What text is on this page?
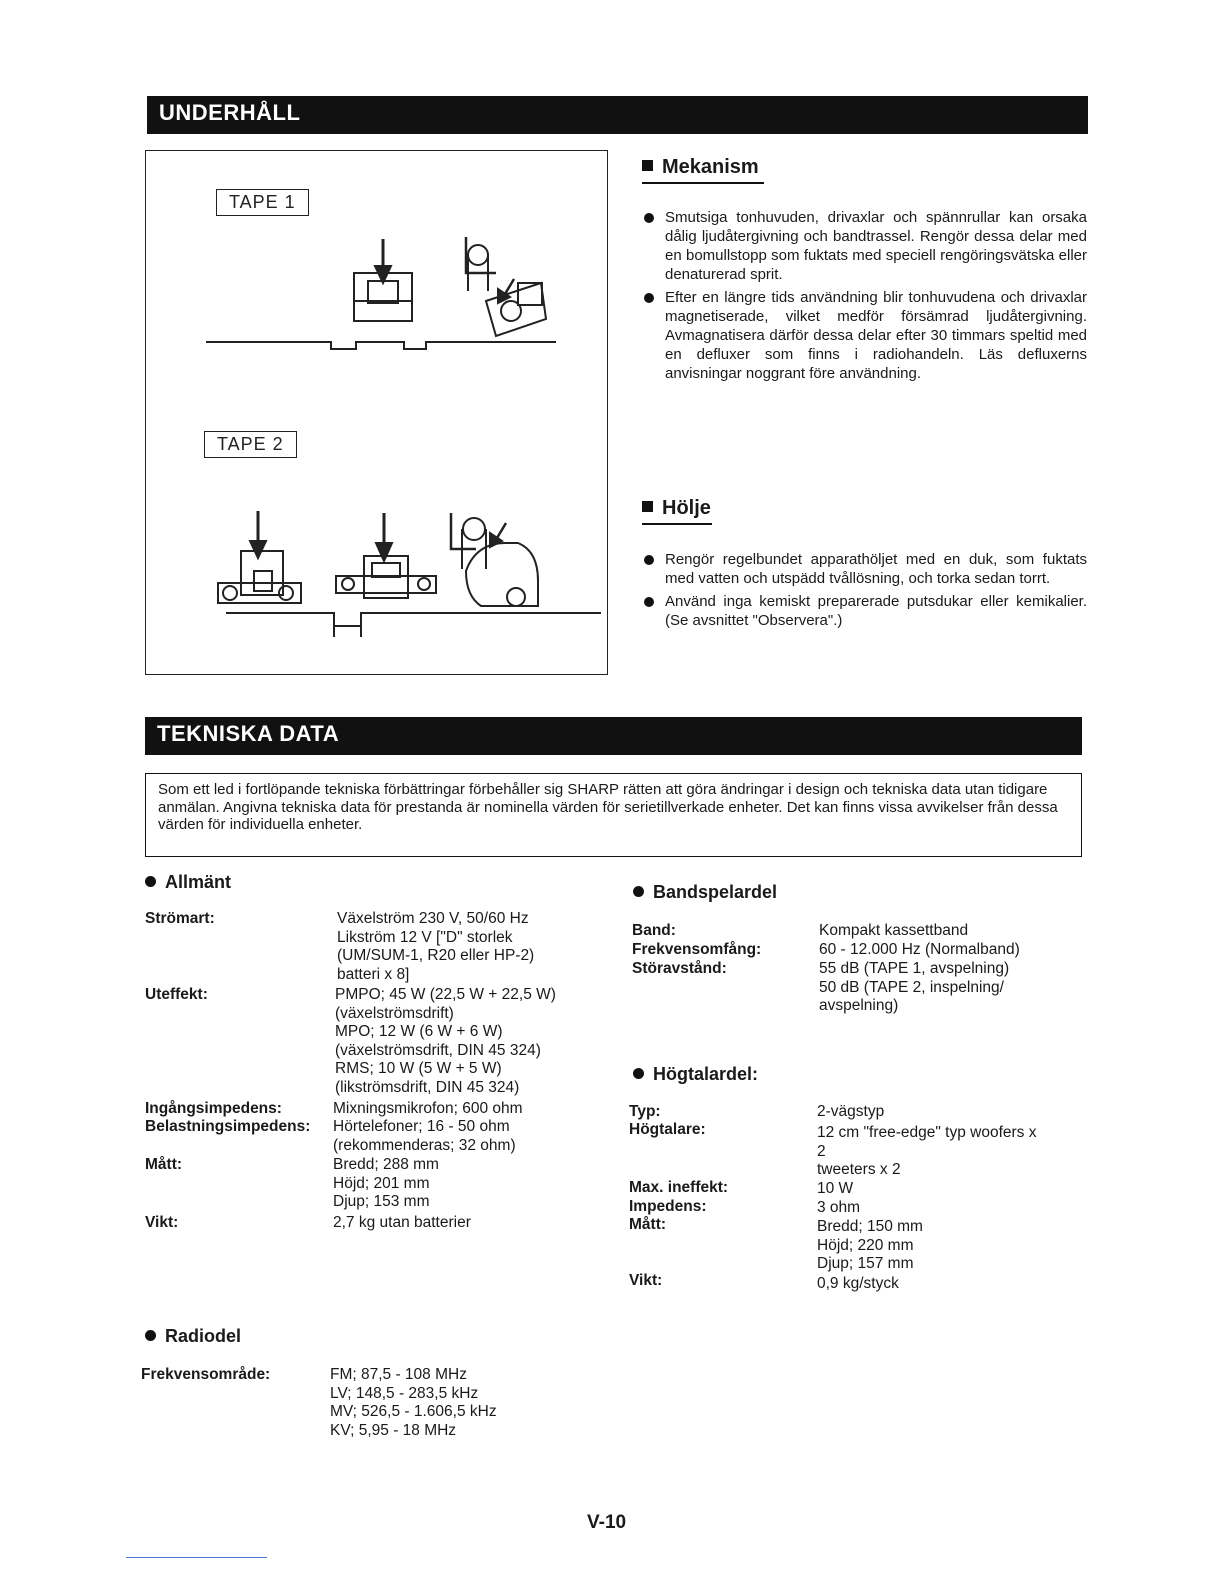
UNDERHÅLL
TAPE 1
TAPE 2
Mekanism
Smutsiga tonhuvuden, drivaxlar och spännrullar kan orsaka dålig ljudåtergivning och bandtrassel. Rengör dessa delar med en bomullstopp som fuktats med speciell rengöringsvätska eller denaturerad sprit.
Efter en längre tids användning blir tonhuvudena och drivaxlar magnetiserade, vilket medför försämrad ljudåtergivning. Avmagnatisera därför dessa delar efter 30 timmars speltid med en defluxer som finns i radiohandeln. Läs defluxerns anvisningar noggrant före användning.
Hölje
Rengör regelbundet apparathöljet med en duk, som fuktats med vatten och utspädd tvållösning, och torka sedan torrt.
Använd inga kemiskt preparerade putsdukar eller kemikalier. (Se avsnittet "Observera".)
TEKNISKA DATA
Som ett led i fortlöpande tekniska förbättringar förbehåller sig SHARP rätten att göra ändringar i design och tekniska data utan tidigare anmälan. Angivna tekniska data för prestanda är nominella värden för serietillverkade enheter. Det kan finns vissa avvikelser från dessa värden för individuella enheter.
Allmänt
Strömart:	Växelström 230 V, 50/60 Hz
Likström 12 V ["D" storlek
(UM/SUM-1, R20 eller HP-2)
batteri x 8]
Uteffekt:	PMPO; 45 W (22,5 W + 22,5 W)
(växelströmsdrift)
MPO; 12 W (6 W + 6 W)
(växelströmsdrift, DIN 45 324)
RMS; 10 W (5 W + 5 W)
(likströmsdrift, DIN 45 324)
Ingångsimpedens:	Mixningsmikrofon; 600 ohm
Belastningsimpedens: Hörtelefoner; 16 - 50 ohm
(rekommenderas; 32 ohm)
Mått:	Bredd; 288 mm
Höjd; 201 mm
Djup; 153 mm
Vikt:	2,7 kg utan batterier
Bandspelardel
Band:	Kompakt kassettband
Frekvensomfång:	60 - 12.000 Hz (Normalband)
Störavstånd:	55 dB (TAPE 1, avspelning)
50 dB (TAPE 2, inspelning/
avspelning)
Högtalardel:
Typ:	2-vägstyp
Högtalare:	12 cm "free-edge" typ woofers x
2
tweeters x 2
Max. ineffekt:	10 W
Impedens:	3 ohm
Mått:	Bredd; 150 mm
Höjd; 220 mm
Djup; 157 mm
Vikt:	0,9 kg/styck
Radiodel
Frekvensområde:	FM; 87,5 - 108 MHz
LV; 148,5 - 283,5 kHz
MV; 526,5 - 1.606,5 kHz
KV; 5,95 - 18 MHz
V-10
